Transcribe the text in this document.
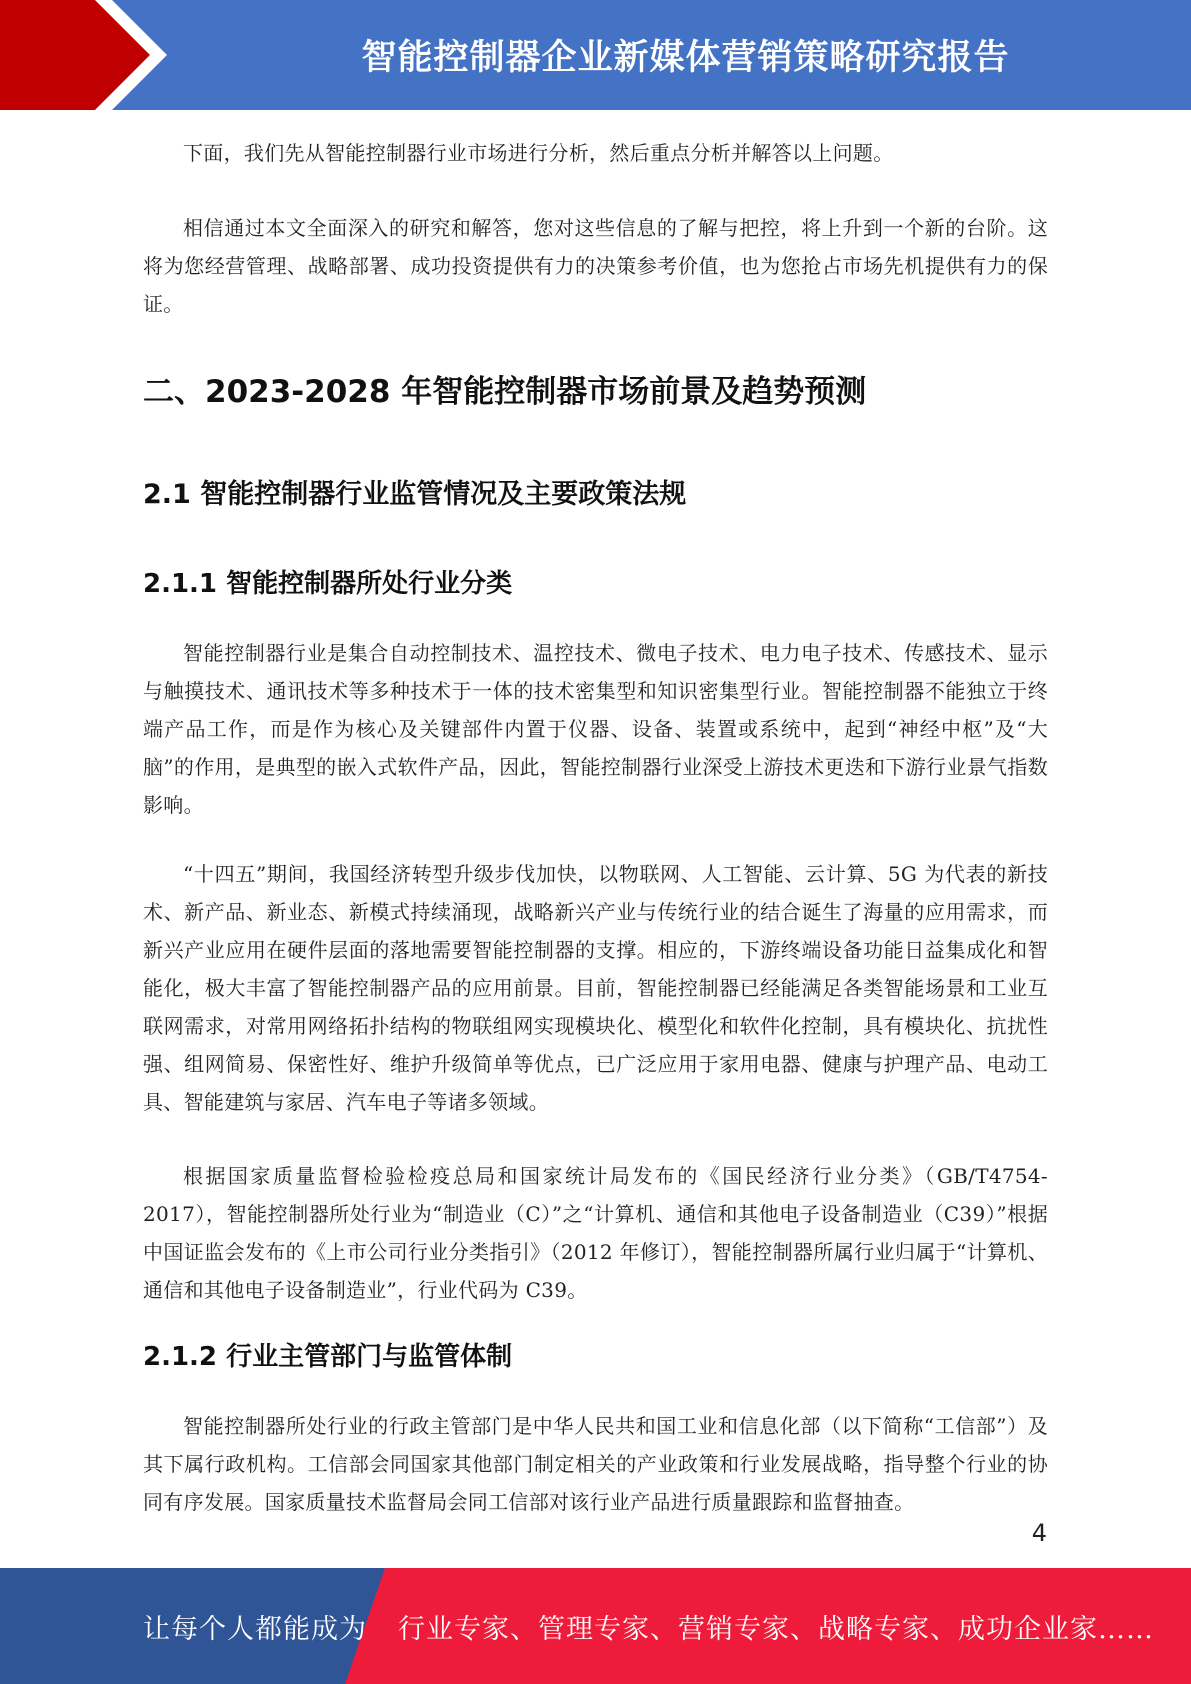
智能控制器企业新媒体营销策略研究报告

下面，我们先从智能控制器行业市场进行分析，然后重点分析并解答以上问题。

相信通过本文全面深入的研究和解答，您对这些信息的了解与把控，将上升到一个新的台阶。这将为您经营管理、战略部署、成功投资提供有力的决策参考价值，也为您抢占市场先机提供有力的保证。

二、2023-2028 年智能控制器市场前景及趋势预测
2.1 智能控制器行业监管情况及主要政策法规
2.1.1 智能控制器所处行业分类

智能控制器行业是集合自动控制技术、温控技术、微电子技术、电力电子技术、传感技术、显示与触摸技术、通讯技术等多种技术于一体的技术密集型和知识密集型行业。智能控制器不能独立于终端产品工作，而是作为核心及关键部件内置于仪器、设备、装置或系统中，起到“神经中枢”及“大脑”的作用，是典型的嵌入式软件产品，因此，智能控制器行业深受上游技术更迭和下游行业景气指数影响。

“十四五”期间，我国经济转型升级步伐加快，以物联网、人工智能、云计算、5G 为代表的新技术、新产品、新业态、新模式持续涌现，战略新兴产业与传统行业的结合诞生了海量的应用需求，而新兴产业应用在硬件层面的落地需要智能控制器的支撑。相应的，下游终端设备功能日益集成化和智能化，极大丰富了智能控制器产品的应用前景。目前，智能控制器已经能满足各类智能场景和工业互联网需求，对常用网络拓扑结构的物联组网实现模块化、模型化和软件化控制，具有模块化、抗扰性强、组网简易、保密性好、维护升级简单等优点，已广泛应用于家用电器、健康与护理产品、电动工具、智能建筑与家居、汽车电子等诸多领域。

根据国家质量监督检验检疫总局和国家统计局发布的《国民经济行业分类》（GB/T4754-2017），智能控制器所处行业为“制造业（C）”之“计算机、通信和其他电子设备制造业（C39）”根据中国证监会发布的《上市公司行业分类指引》（2012 年修订），智能控制器所属行业归属于“计算机、通信和其他电子设备制造业”，行业代码为 C39。

2.1.2 行业主管部门与监管体制

智能控制器所处行业的行政主管部门是中华人民共和国工业和信息化部（以下简称“工信部”）及其下属行政机构。工信部会同国家其他部门制定相关的产业政策和行业发展战略，指导整个行业的协同有序发展。国家质量技术监督局会同工信部对该行业产品进行质量跟踪和监督抽查。

4
让每个人都能成为 行业专家、管理专家、营销专家、战略专家、成功企业家……
